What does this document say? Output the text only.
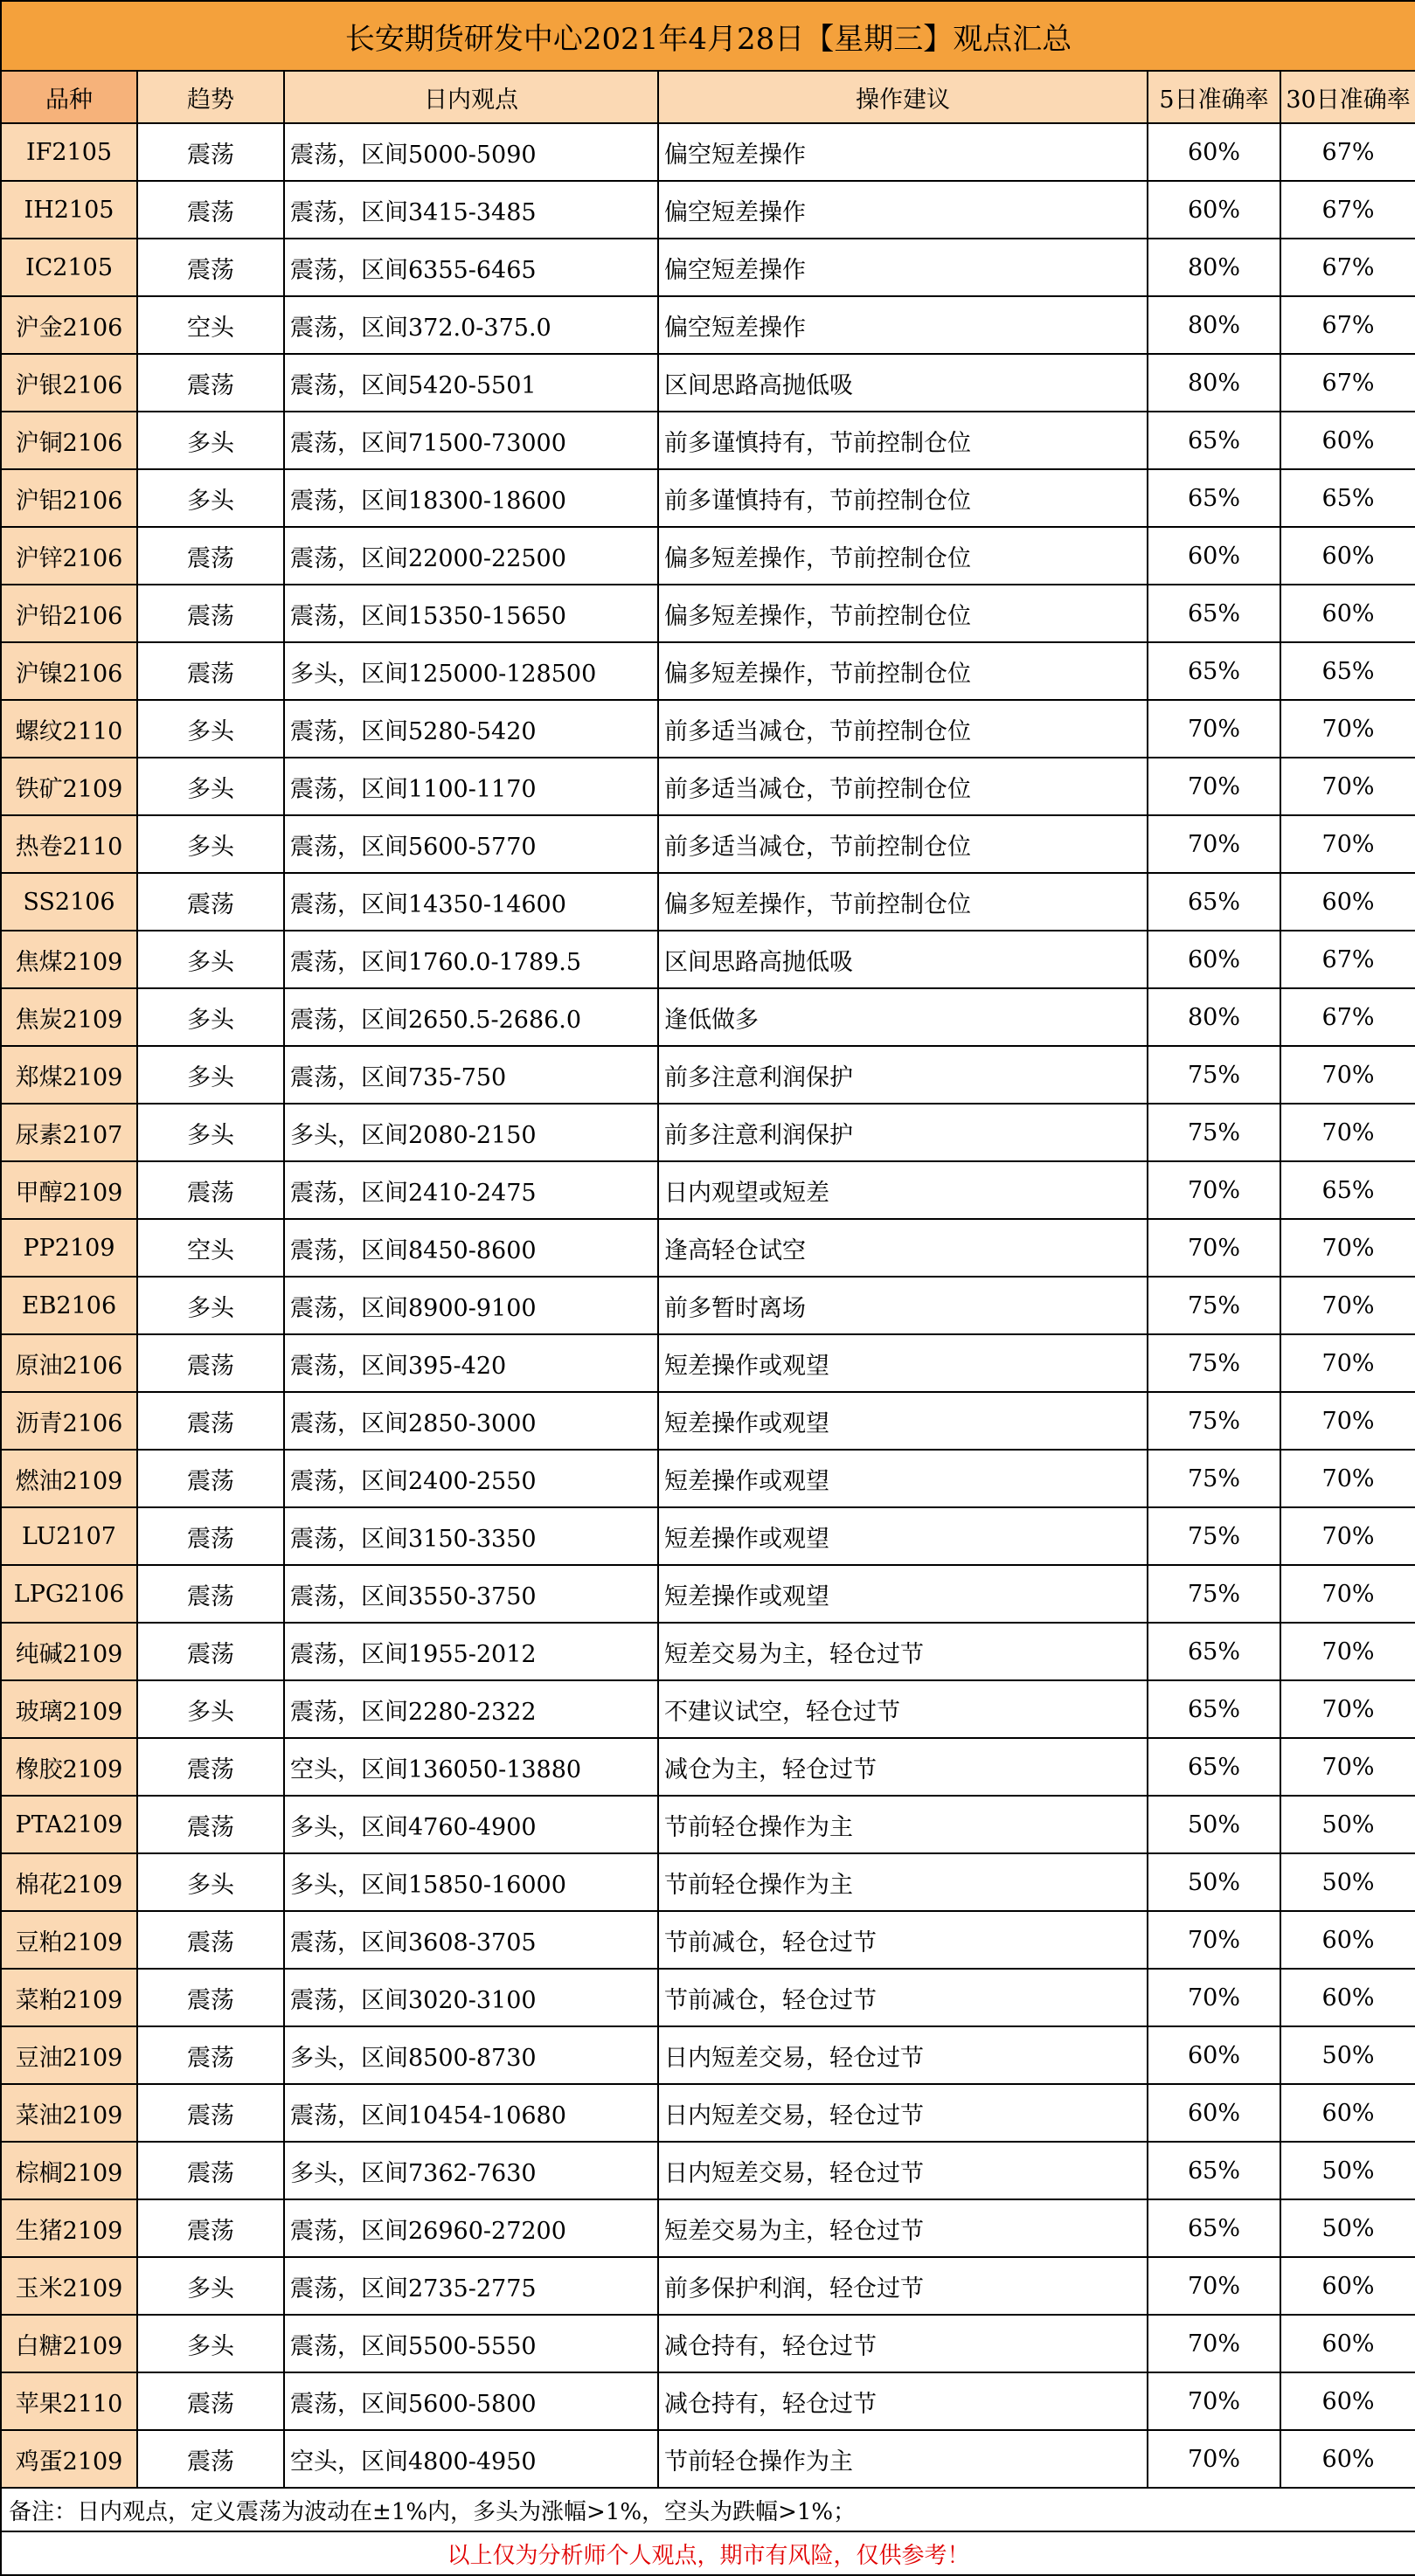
长安期货研发中心2021年4月28日【星期三】观点汇总					
品种	趋势	日内观点	操作建议	5日准确率	30日准确率
IF2105	震荡	震荡，区间5000-5090	偏空短差操作	60%	67%
IH2105	震荡	震荡，区间3415-3485	偏空短差操作	60%	67%
IC2105	震荡	震荡，区间6355-6465	偏空短差操作	80%	67%
沪金2106	空头	震荡，区间372.0-375.0	偏空短差操作	80%	67%
沪银2106	震荡	震荡，区间5420-5501	区间思路高抛低吸	80%	67%
沪铜2106	多头	震荡，区间71500-73000	前多谨慎持有，节前控制仓位	65%	60%
沪铝2106	多头	震荡，区间18300-18600	前多谨慎持有，节前控制仓位	65%	65%
沪锌2106	震荡	震荡，区间22000-22500	偏多短差操作，节前控制仓位	60%	60%
沪铅2106	震荡	震荡，区间15350-15650	偏多短差操作，节前控制仓位	65%	60%
沪镍2106	震荡	多头，区间125000-128500	偏多短差操作，节前控制仓位	65%	65%
螺纹2110	多头	震荡，区间5280-5420	前多适当减仓，节前控制仓位	70%	70%
铁矿2109	多头	震荡，区间1100-1170	前多适当减仓，节前控制仓位	70%	70%
热卷2110	多头	震荡，区间5600-5770	前多适当减仓，节前控制仓位	70%	70%
SS2106	震荡	震荡，区间14350-14600	偏多短差操作，节前控制仓位	65%	60%
焦煤2109	多头	震荡，区间1760.0-1789.5	区间思路高抛低吸	60%	67%
焦炭2109	多头	震荡，区间2650.5-2686.0	逢低做多	80%	67%
郑煤2109	多头	震荡，区间735-750	前多注意利润保护	75%	70%
尿素2107	多头	多头，区间2080-2150	前多注意利润保护	75%	70%
甲醇2109	震荡	震荡，区间2410-2475	日内观望或短差	70%	65%
PP2109	空头	震荡，区间8450-8600	逢高轻仓试空	70%	70%
EB2106	多头	震荡，区间8900-9100	前多暂时离场	75%	70%
原油2106	震荡	震荡，区间395-420	短差操作或观望	75%	70%
沥青2106	震荡	震荡，区间2850-3000	短差操作或观望	75%	70%
燃油2109	震荡	震荡，区间2400-2550	短差操作或观望	75%	70%
LU2107	震荡	震荡，区间3150-3350	短差操作或观望	75%	70%
LPG2106	震荡	震荡，区间3550-3750	短差操作或观望	75%	70%
纯碱2109	震荡	震荡，区间1955-2012	短差交易为主，轻仓过节	65%	70%
玻璃2109	多头	震荡，区间2280-2322	不建议试空，轻仓过节	65%	70%
橡胶2109	震荡	空头，区间136050-13880	减仓为主，轻仓过节	65%	70%
PTA2109	震荡	多头，区间4760-4900	节前轻仓操作为主	50%	50%
棉花2109	多头	多头，区间15850-16000	节前轻仓操作为主	50%	50%
豆粕2109	震荡	震荡，区间3608-3705	节前减仓，轻仓过节	70%	60%
菜粕2109	震荡	震荡，区间3020-3100	节前减仓，轻仓过节	70%	60%
豆油2109	震荡	多头，区间8500-8730	日内短差交易，轻仓过节	60%	50%
菜油2109	震荡	震荡，区间10454-10680	日内短差交易，轻仓过节	60%	60%
棕榈2109	震荡	多头，区间7362-7630	日内短差交易，轻仓过节	65%	50%
生猪2109	震荡	震荡，区间26960-27200	短差交易为主，轻仓过节	65%	50%
玉米2109	多头	震荡，区间2735-2775	前多保护利润，轻仓过节	70%	60%
白糖2109	多头	震荡，区间5500-5550	减仓持有，轻仓过节	70%	60%
苹果2110	震荡	震荡，区间5600-5800	减仓持有，轻仓过节	70%	60%
鸡蛋2109	震荡	空头，区间4800-4950	节前轻仓操作为主	70%	60%
备注：日内观点，定义震荡为波动在±1%内，多头为涨幅>1%，空头为跌幅>1%；					
以上仅为分析师个人观点，期市有风险，仅供参考！					
